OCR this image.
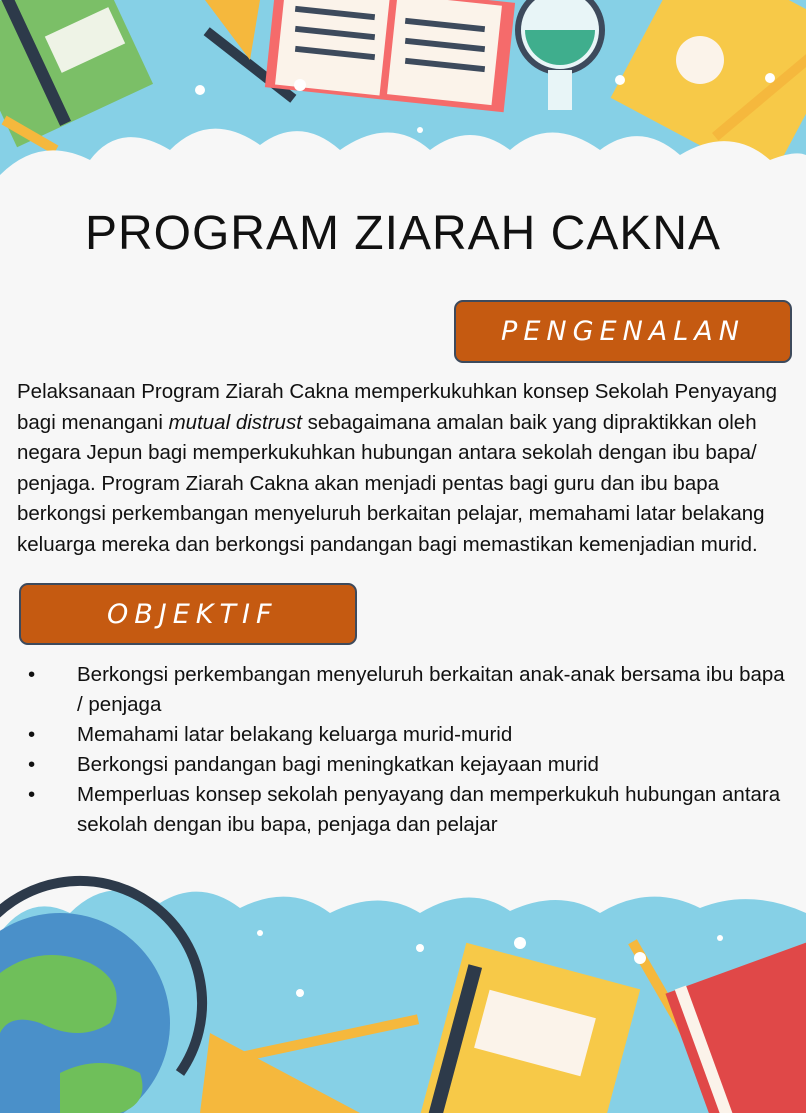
PROGRAM ZIARAH CAKNA
PENGENALAN

Pelaksanaan Program Ziarah Cakna memperkukuhkan konsep Sekolah Penyayang bagi menangani mutual distrust sebagaimana amalan baik yang dipraktikkan oleh negara Jepun bagi memperkukuhkan hubungan antara sekolah dengan ibu bapa/ penjaga. Program Ziarah Cakna akan menjadi pentas bagi guru dan ibu bapa berkongsi perkembangan menyeluruh berkaitan pelajar, memahami latar belakang keluarga mereka dan berkongsi pandangan bagi memastikan kemenjadian murid.

OBJEKTIF
• Berkongsi perkembangan menyeluruh berkaitan anak-anak bersama ibu bapa / penjaga
• Memahami latar belakang keluarga murid-murid
• Berkongsi pandangan bagi meningkatkan kejayaan murid
• Memperluas konsep sekolah penyayang dan memperkukuh hubungan antara sekolah dengan ibu bapa, penjaga dan pelajar
